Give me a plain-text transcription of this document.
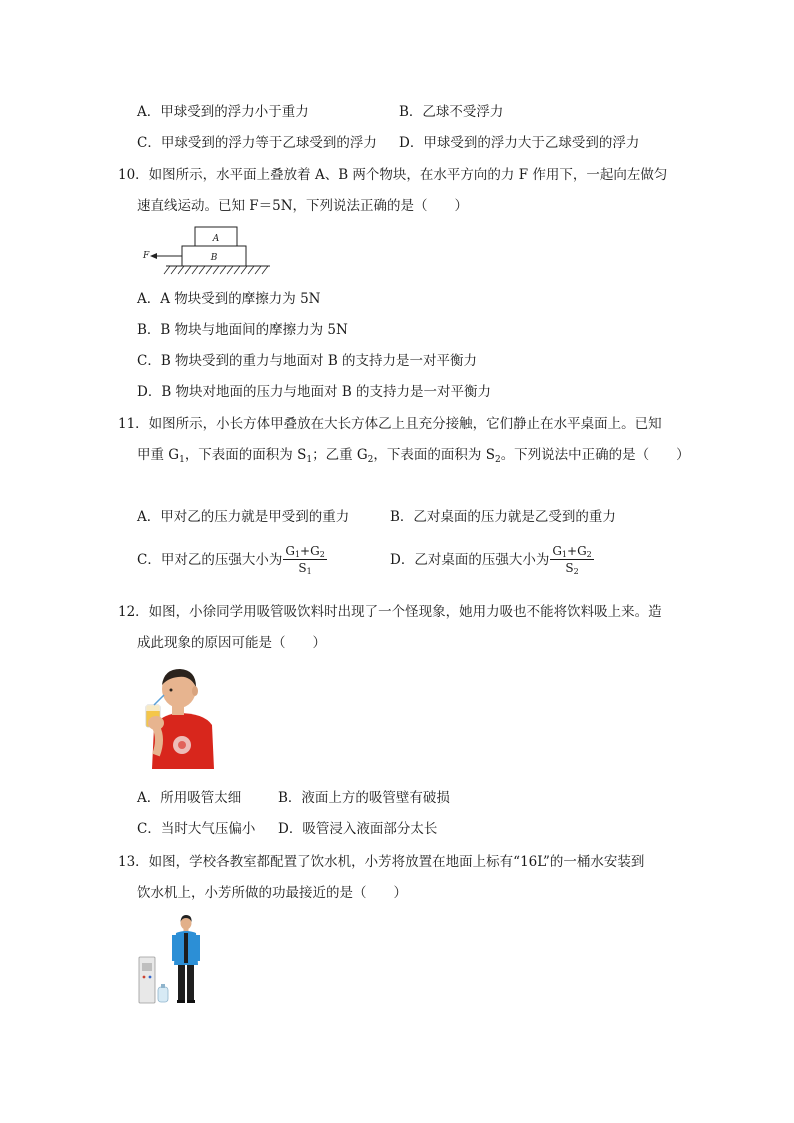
A．甲球受到的浮力小于重力	B．乙球不受浮力
C．甲球受到的浮力等于乙球受到的浮力	D．甲球受到的浮力大于乙球受到的浮力
10．如图所示，水平面上叠放着 A、B 两个物块，在水平方向的力 F 作用下，一起向左做匀
速直线运动。已知 F＝5N，下列说法正确的是（　　）
A
B
F
A．A 物块受到的摩擦力为 5N
B．B 物块与地面间的摩擦力为 5N
C．B 物块受到的重力与地面对 B 的支持力是一对平衡力
D．B 物块对地面的压力与地面对 B 的支持力是一对平衡力
11．如图所示，小长方体甲叠放在大长方体乙上且充分接触，它们静止在水平桌面上。已知
甲重 $G_1$，下表面的面积为 $S_1$；乙重 $G_2$，下表面的面积为 $S_2$。下列说法中正确的是（　　）
A．甲对乙的压力就是甲受到的重力	B．乙对桌面的压力就是乙受到的重力
C．甲对乙的压强大小为 $\frac{G_1+G_2}{S_1}$	D．乙对桌面的压强大小为 $\frac{G_1+G_2}{S_2}$
12．如图，小徐同学用吸管吸饮料时出现了一个怪现象，她用力吸也不能将饮料吸上来。造
成此现象的原因可能是（　　）
A．所用吸管太细	B．液面上方的吸管壁有破损
C．当时大气压偏小	D．吸管浸入液面部分太长
13．如图，学校各教室都配置了饮水机，小芳将放置在地面上标有“16L”的一桶水安装到
饮水机上，小芳所做的功最接近的是（　　）
